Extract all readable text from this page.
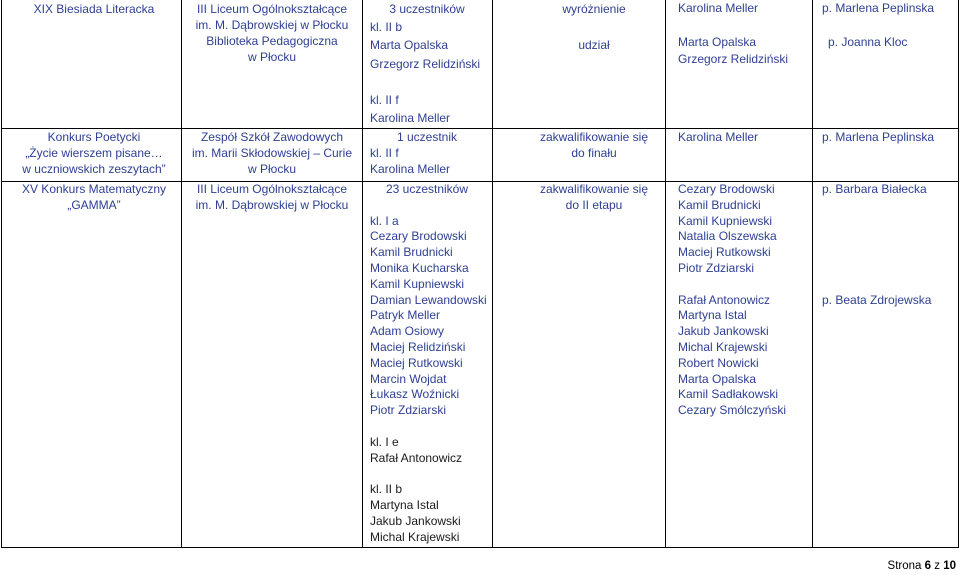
XIX Biesiada Literacka	III Liceum Ogólnokształcące
im. M. Dąbrowskiej w Płocku
Biblioteka Pedagogiczna
w Płocku
3 uczestników
kl. II b
Marta Opalska
Grzegorz Relidziński
kl. II f
Karolina Meller
wyróżnienie
udział
Karolina Meller
Marta Opalska
Grzegorz Relidziński
p. Marlena Peplinska
p. Joanna Kloc
Konkurs Poetycki
„Życie wierszem pisane…
w uczniowskich zeszytach”
Zespół Szkół Zawodowych
im. Marii Skłodowskiej – Curie
w Płocku
1 uczestnik
kl. II f
Karolina Meller
zakwalifikowanie się
do finału
Karolina Meller	p. Marlena Peplinska
XV Konkurs Matematyczny
„GAMMA”
III Liceum Ogólnokształcące
im. M. Dąbrowskiej w Płocku
23 uczestników
kl. I a
Cezary Brodowski
Kamil Brudnicki
Monika Kucharska
Kamil Kupniewski
Damian Lewandowski
Patryk Meller
Adam Osiowy
Maciej Relidziński
Maciej Rutkowski
Marcin Wojdat
Łukasz Woźnicki
Piotr Zdziarski
kl. I e
Rafał Antonowicz
kl. II b
Martyna Istal
Jakub Jankowski
Michal Krajewski
zakwalifikowanie się
do II etapu
Cezary Brodowski
Kamil Brudnicki
Kamil Kupniewski
Natalia Olszewska
Maciej Rutkowski
Piotr Zdziarski
Rafał Antonowicz
Martyna Istal
Jakub Jankowski
Michal Krajewski
Robert Nowicki
Marta Opalska
Kamil Sadłakowski
Cezary Smólczyński
p. Barbara Białecka
p. Beata Zdrojewska
Strona 6 z 10
